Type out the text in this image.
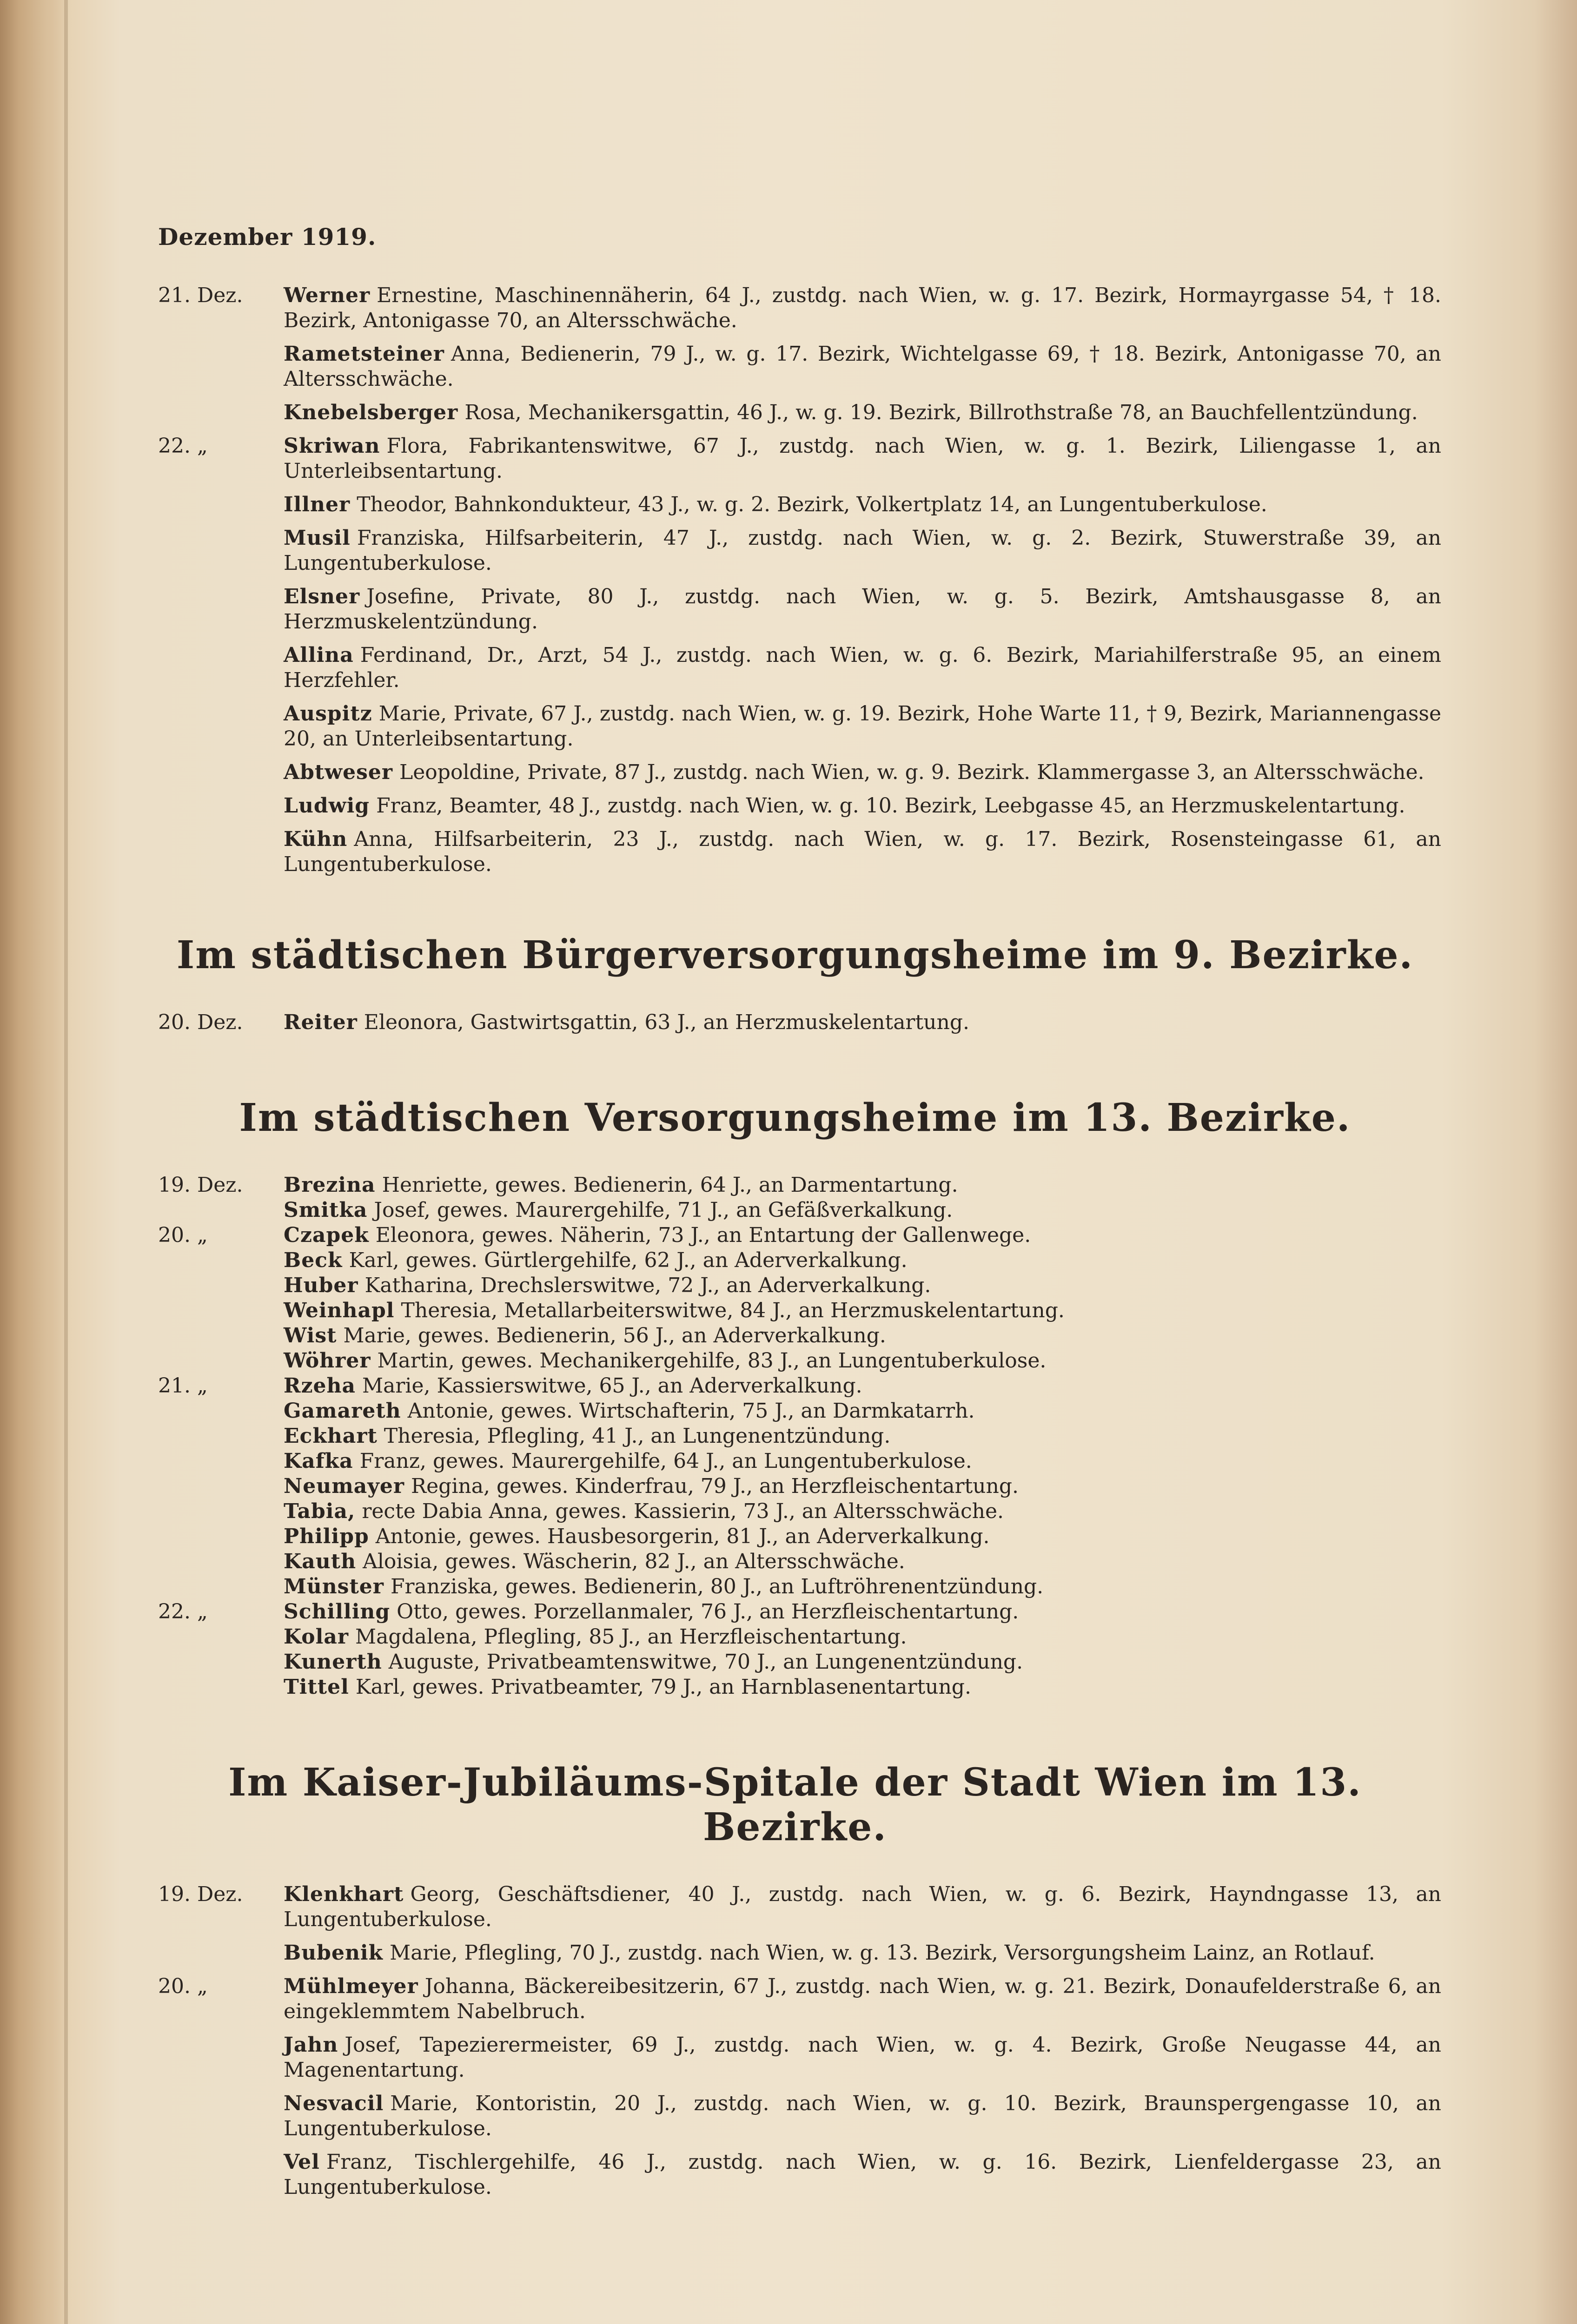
Dezember 1919.
21. Dez.	Werner Ernestine, Maschinennäherin, 64 J., zustdg. nach Wien, w. g. 17. Bezirk, Hormayrgasse 54, † 18. Bezirk, Antonigasse 70, an Altersschwäche.
Rametsteiner Anna, Bedienerin, 79 J., w. g. 17. Bezirk, Wichtelgasse 69, † 18. Bezirk, Antonigasse 70, an Altersschwäche.
Knebelsberger Rosa, Mechanikersgattin, 46 J., w. g. 19. Bezirk, Billrothstraße 78, an Bauchfellentzündung.
22. „	Skriwan Flora, Fabrikantenswitwe, 67 J., zustdg. nach Wien, w. g. 1. Bezirk, Liliengasse 1, an Unterleibsentartung.
Illner Theodor, Bahnkondukteur, 43 J., w. g. 2. Bezirk, Volkertplatz 14, an Lungentuberkulose.
Musil Franziska, Hilfsarbeiterin, 47 J., zustdg. nach Wien, w. g. 2. Bezirk, Stuwerstraße 39, an Lungentuberkulose.
Elsner Josefine, Private, 80 J., zustdg. nach Wien, w. g. 5. Bezirk, Amtshausgasse 8, an Herzmuskelentzündung.
Allina Ferdinand, Dr., Arzt, 54 J., zustdg. nach Wien, w. g. 6. Bezirk, Mariahilferstraße 95, an einem Herzfehler.
Auspitz Marie, Private, 67 J., zustdg. nach Wien, w. g. 19. Bezirk, Hohe Warte 11, † 9, Bezirk, Mariannengasse 20, an Unterleibsentartung.
Abtweser Leopoldine, Private, 87 J., zustdg. nach Wien, w. g. 9. Bezirk. Klammergasse 3, an Altersschwäche.
Ludwig Franz, Beamter, 48 J., zustdg. nach Wien, w. g. 10. Bezirk, Leebgasse 45, an Herzmuskelentartung.
Kühn Anna, Hilfsarbeiterin, 23 J., zustdg. nach Wien, w. g. 17. Bezirk, Rosensteingasse 61, an Lungentuberkulose.
Im städtischen Bürgerversorgungsheime im 9. Bezirke.
20. Dez.	Reiter Eleonora, Gastwirtsgattin, 63 J., an Herzmuskelentartung.
Im städtischen Versorgungsheime im 13. Bezirke.
19. Dez.	Brezina Henriette, gewes. Bedienerin, 64 J., an Darmentartung.
Smitka Josef, gewes. Maurergehilfe, 71 J., an Gefäßverkalkung.
20. „	Czapek Eleonora, gewes. Näherin, 73 J., an Entartung der Gallenwege.
Beck Karl, gewes. Gürtlergehilfe, 62 J., an Aderverkalkung.
Huber Katharina, Drechslerswitwe, 72 J., an Aderverkalkung.
Weinhapl Theresia, Metallarbeiterswitwe, 84 J., an Herzmuskelentartung.
Wist Marie, gewes. Bedienerin, 56 J., an Aderverkalkung.
Wöhrer Martin, gewes. Mechanikergehilfe, 83 J., an Lungentuberkulose.
21. „	Rzeha Marie, Kassierswitwe, 65 J., an Aderverkalkung.
Gamareth Antonie, gewes. Wirtschafterin, 75 J., an Darmkatarrh.
Eckhart Theresia, Pflegling, 41 J., an Lungenentzündung.
Kafka Franz, gewes. Maurergehilfe, 64 J., an Lungentuberkulose.
Neumayer Regina, gewes. Kinderfrau, 79 J., an Herzfleischentartung.
Tabia, recte Dabia Anna, gewes. Kassierin, 73 J., an Altersschwäche.
Philipp Antonie, gewes. Hausbesorgerin, 81 J., an Aderverkalkung.
Kauth Aloisia, gewes. Wäscherin, 82 J., an Altersschwäche.
Münster Franziska, gewes. Bedienerin, 80 J., an Luftröhrenentzündung.
22. „	Schilling Otto, gewes. Porzellanmaler, 76 J., an Herzfleischentartung.
Kolar Magdalena, Pflegling, 85 J., an Herzfleischentartung.
Kunerth Auguste, Privatbeamtenswitwe, 70 J., an Lungenentzündung.
Tittel Karl, gewes. Privatbeamter, 79 J., an Harnblasenentartung.
Im Kaiser-Jubiläums-Spitale der Stadt Wien im 13. Bezirke.
19. Dez.	Klenkhart Georg, Geschäftsdiener, 40 J., zustdg. nach Wien, w. g. 6. Bezirk, Hayndngasse 13, an Lungentuberkulose.
Bubenik Marie, Pflegling, 70 J., zustdg. nach Wien, w. g. 13. Bezirk, Versorgungsheim Lainz, an Rotlauf.
20. „	Mühlmeyer Johanna, Bäckereibesitzerin, 67 J., zustdg. nach Wien, w. g. 21. Bezirk, Donaufelderstraße 6, an eingeklemmtem Nabelbruch.
Jahn Josef, Tapezierermeister, 69 J., zustdg. nach Wien, w. g. 4. Bezirk, Große Neugasse 44, an Magenentartung.
Nesvacil Marie, Kontoristin, 20 J., zustdg. nach Wien, w. g. 10. Bezirk, Braunspergengasse 10, an Lungentuberkulose.
Vel Franz, Tischlergehilfe, 46 J., zustdg. nach Wien, w. g. 16. Bezirk, Lienfeldergasse 23, an Lungentuberkulose.
